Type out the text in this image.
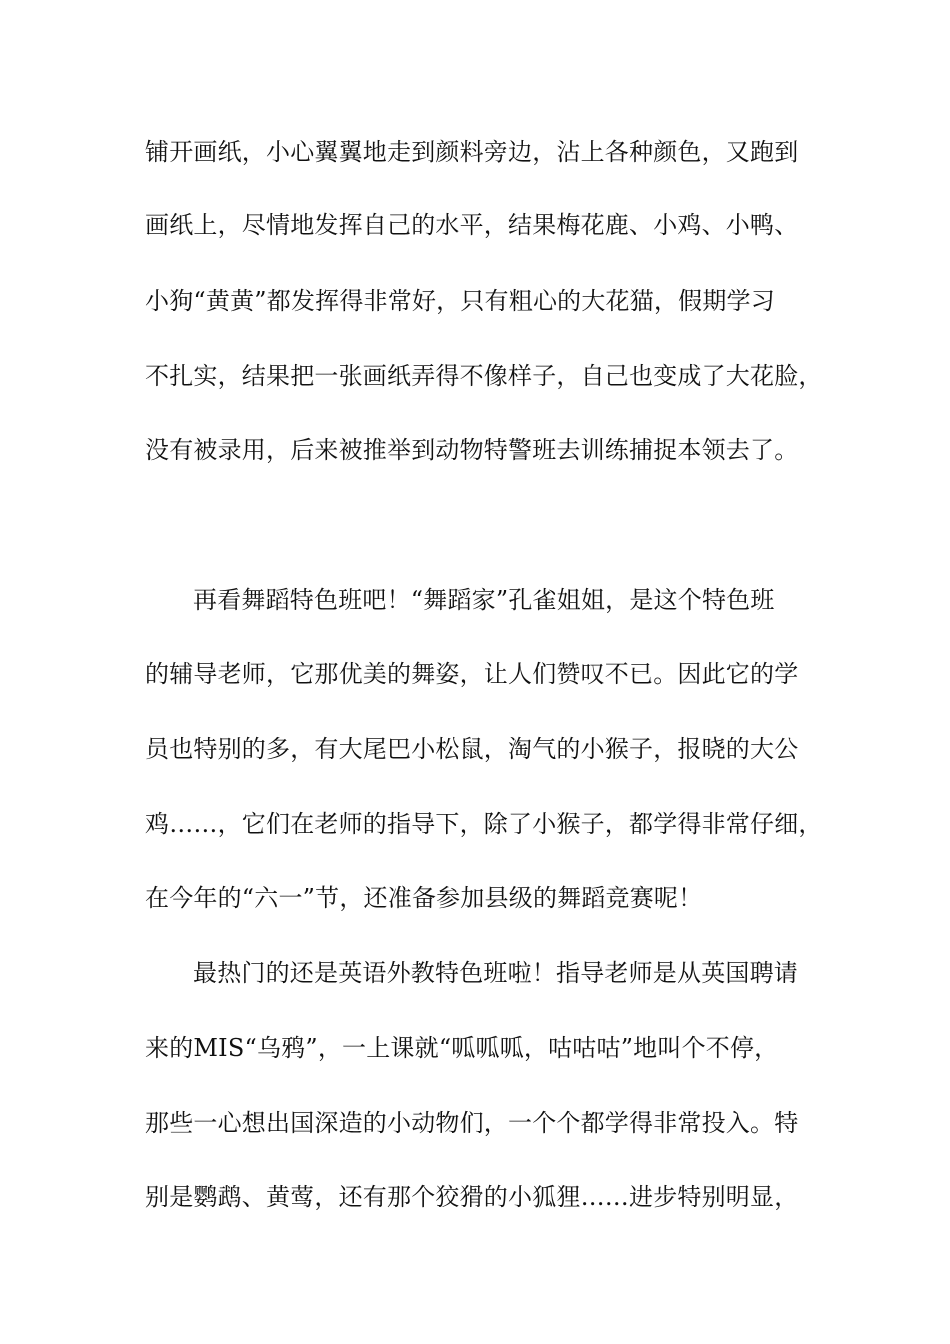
铺开画纸，小心翼翼地走到颜料旁边，沾上各种颜色，又跑到
画纸上，尽情地发挥自己的水平，结果梅花鹿、小鸡、小鸭、
小狗“黄黄”都发挥得非常好，只有粗心的大花猫，假期学习
不扎实，结果把一张画纸弄得不像样子，自己也变成了大花脸，
没有被录用，后来被推举到动物特警班去训练捕捉本领去了。
再看舞蹈特色班吧！“舞蹈家”孔雀姐姐，是这个特色班
的辅导老师，它那优美的舞姿，让人们赞叹不已。因此它的学
员也特别的多，有大尾巴小松鼠，淘气的小猴子，报晓的大公
鸡……，它们在老师的指导下，除了小猴子，都学得非常仔细，
在今年的“六一”节，还准备参加县级的舞蹈竞赛呢！
最热门的还是英语外教特色班啦！指导老师是从英国聘请
来的MIS“乌鸦”，一上课就“呱呱呱，咕咕咕”地叫个不停，
那些一心想出国深造的小动物们，一个个都学得非常投入。特
别是鹦鹉、黄莺，还有那个狡猾的小狐狸……进步特别明显，
